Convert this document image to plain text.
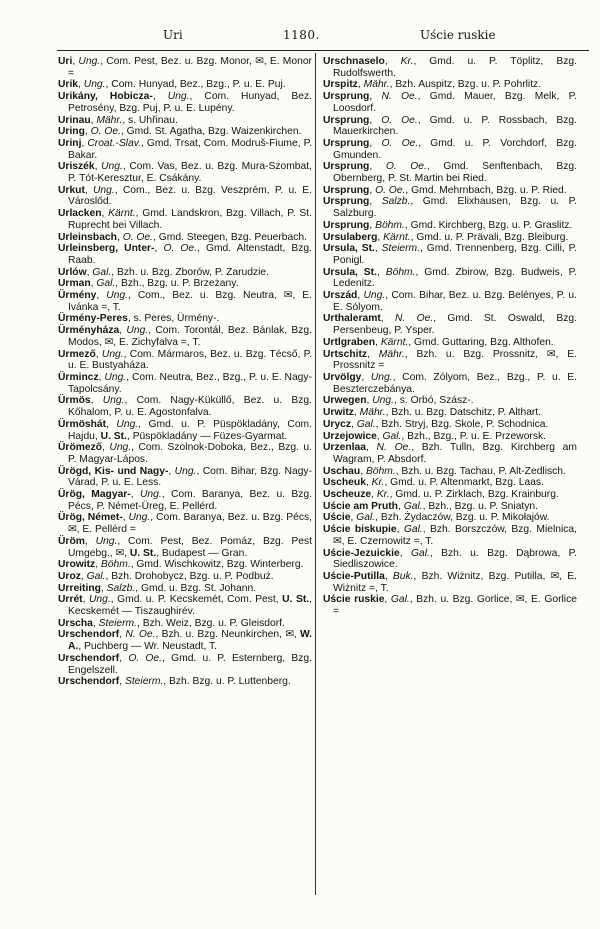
Uri	1180.	Uście ruskie

Uri, Ung., Com. Pest, Bez. u. Bzg. Monor, ✉, E. Monor =

Urik, Ung., Com. Hunyad, Bez., Bzg., P. u. E. Puj.

Urikány, Hobicza-, Ung., Com. Hunyad, Bez. Petrosény, Bzg. Puj, P. u. E. Lupény.

Urinau, Mähr., s. Uhřinau.

Uring, O. Oe., Gmd. St. Agatha, Bzg. Waizenkirchen.

Urinj, Croat.-Slav., Gmd. Trsat, Com. Modruš-Fiume, P. Bakar.

Uriszék, Ung., Com. Vas, Bez. u. Bzg. Mura-Szombat, P. Tót-Keresztur, E. Csákány.

Urkut, Ung., Com., Bez. u. Bzg. Veszprém, P. u. E. Városlőd.

Urlacken, Kärnt., Gmd. Landskron, Bzg. Villach, P. St. Ruprecht bei Villach.

Urleinsbach, O. Oe., Gmd. Steegen, Bzg. Peuerbach.

Urleinsberg, Unter-, O. Oe., Gmd. Altenstadt, Bzg. Raab.

Urlów, Gal., Bzh. u. Bzg. Zborów, P. Zarudzie.

Urman, Gal., Bzh., Bzg. u. P. Brzeżany.

Ürmény, Ung., Com., Bez. u. Bzg. Neutra, ✉, E. Ivánka =, T.

Ürmény-Peres, s. Peres, Ürmény-.

Ürményháza, Ung., Com. Torontál, Bez. Bánlak, Bzg. Modos, ✉, E. Zichyfalva =, T.

Urmező, Ung., Com. Mármaros, Bez. u. Bzg. Técső, P. u. E. Bustyaháza.

Ürmincz, Ung., Com. Neutra, Bez., Bzg., P. u. E. Nagy-Tapolcsány.

Ürmös, Ung., Com. Nagy-Küküllő, Bez. u. Bzg. Kőhalom, P. u. E. Agostonfalva.

Ürmöshát, Ung., Gmd. u. P. Püspökladány, Com. Hajdu, U. St., Püspökladány — Füzes-Gyarmat.

Ürömező, Ung., Com. Szolnok-Doboka, Bez., Bzg. u. P. Magyar-Lápos.

Ürögd, Kis- und Nagy-, Ung., Com. Bihar, Bzg. Nagy-Várad, P. u. E. Less.

Ürög, Magyar-, Ung., Com. Baranya, Bez. u. Bzg. Pécs, P. Német-Üreg, E. Pellérd.

Ürög, Német-, Ung., Com. Baranya, Bez. u. Bzg. Pécs, ✉, E. Pellérd =

Üröm, Ung., Com. Pest, Bez. Pomáz, Bzg. Pest Umgebg., ✉, U. St., Budapest — Gran.

Urowitz, Böhm., Gmd. Wischkowitz, Bzg. Winterberg.

Uroz, Gal., Bzh. Drohobycz, Bzg. u. P. Podbuż.

Urreiting, Salzb., Gmd. u. Bzg. St. Johann.

Urrét, Ung., Gmd. u. P. Kecskemét, Com. Pest, U. St., Kecskemét — Tiszaughirév.

Urscha, Steierm., Bzh. Weiz, Bzg. u. P. Gleisdorf.

Urschendorf, N. Oe., Bzh. u. Bzg. Neunkirchen, ✉, W. A., Puchberg — Wr. Neustadt, T.

Urschendorf, O. Oe., Gmd. u. P. Esternberg, Bzg. Engelszell.

Urschendorf, Steierm., Bzh. Bzg. u. P. Luttenberg.

Urschnaselo, Kr., Gmd. u. P. Töplitz, Bzg. Rudolfswerth.

Urspitz, Mähr., Bzh. Auspitz, Bzg. u. P. Pohrlitz.

Ursprung, N. Oe., Gmd. Mauer, Bzg. Melk, P. Loosdorf.

Ursprung, O. Oe., Gmd. u. P. Rossbach, Bzg. Mauerkirchen.

Ursprung, O. Oe., Gmd. u. P. Vorchdorf, Bzg. Gmunden.

Ursprung, O. Oe., Gmd. Senftenbach, Bzg. Obernberg, P. St. Martin bei Ried.

Ursprung, O. Oe., Gmd. Mehrnbach, Bzg. u. P. Ried.

Ursprung, Salzb., Gmd. Elixhausen, Bzg. u. P. Salzburg.

Ursprung, Böhm., Gmd. Kirchberg, Bzg. u. P. Graslitz.

Ursulaberg, Kärnt., Gmd. u. P. Prävali, Bzg. Bleiburg.

Ursula, St., Steierm., Gmd. Trennenberg, Bzg. Cilli, P. Ponigl.

Ursula, St., Böhm., Gmd. Zbirow, Bzg. Budweis, P. Ledenitz.

Urszád, Ung., Com. Bihar, Bez. u. Bzg. Belényes, P. u. E. Sólyom.

Urthaleramt, N. Oe., Gmd. St. Oswald, Bzg. Persenbeug, P. Ysper.

Urtlgraben, Kärnt., Gmd. Guttaring, Bzg. Althofen.

Urtschitz, Mähr., Bzh. u. Bzg. Prossnitz, ✉, E. Prossnitz =

Urvölgy, Ung., Com. Zólyom, Bez., Bzg., P. u. E. Beszterczebánya.

Urwegen, Ung., s. Orbó, Szász-.

Urwitz, Mähr., Bzh. u. Bzg. Datschitz, P. Althart.

Urycz, Gal., Bzh. Stryj, Bzg. Skole, P. Schodnica.

Urzejowice, Gal., Bzh., Bzg., P. u. E. Przeworsk.

Urzenlaa, N. Oe., Bzh. Tulln, Bzg. Kirchberg am Wagram, P. Absdorf.

Uschau, Böhm., Bzh. u. Bzg. Tachau, P. Alt-Zedlisch.

Uscheuk, Kr., Gmd. u. P. Altenmarkt, Bzg. Laas.

Uscheuze, Kr., Gmd. u. P. Zirklach, Bzg. Krainburg.

Uście am Pruth, Gal., Bzh., Bzg. u. P. Sniatyn.

Uście, Gal., Bzh. Żydaczów, Bzg. u. P. Mikołajów.

Uście biskupie, Gal., Bzh. Borszczów, Bzg. Mielnica, ✉, E. Czernowitz =, T.

Uście-Jezuickie, Gal., Bzh. u. Bzg. Dąbrowa, P. Siedliszowice.

Uście-Putilla, Buk., Bzh. Wiżnitz, Bzg. Putilla, ✉, E. Wiżnitz =, T.

Uście ruskie, Gal., Bzh. u. Bzg. Gorlice, ✉, E. Gorlice =
